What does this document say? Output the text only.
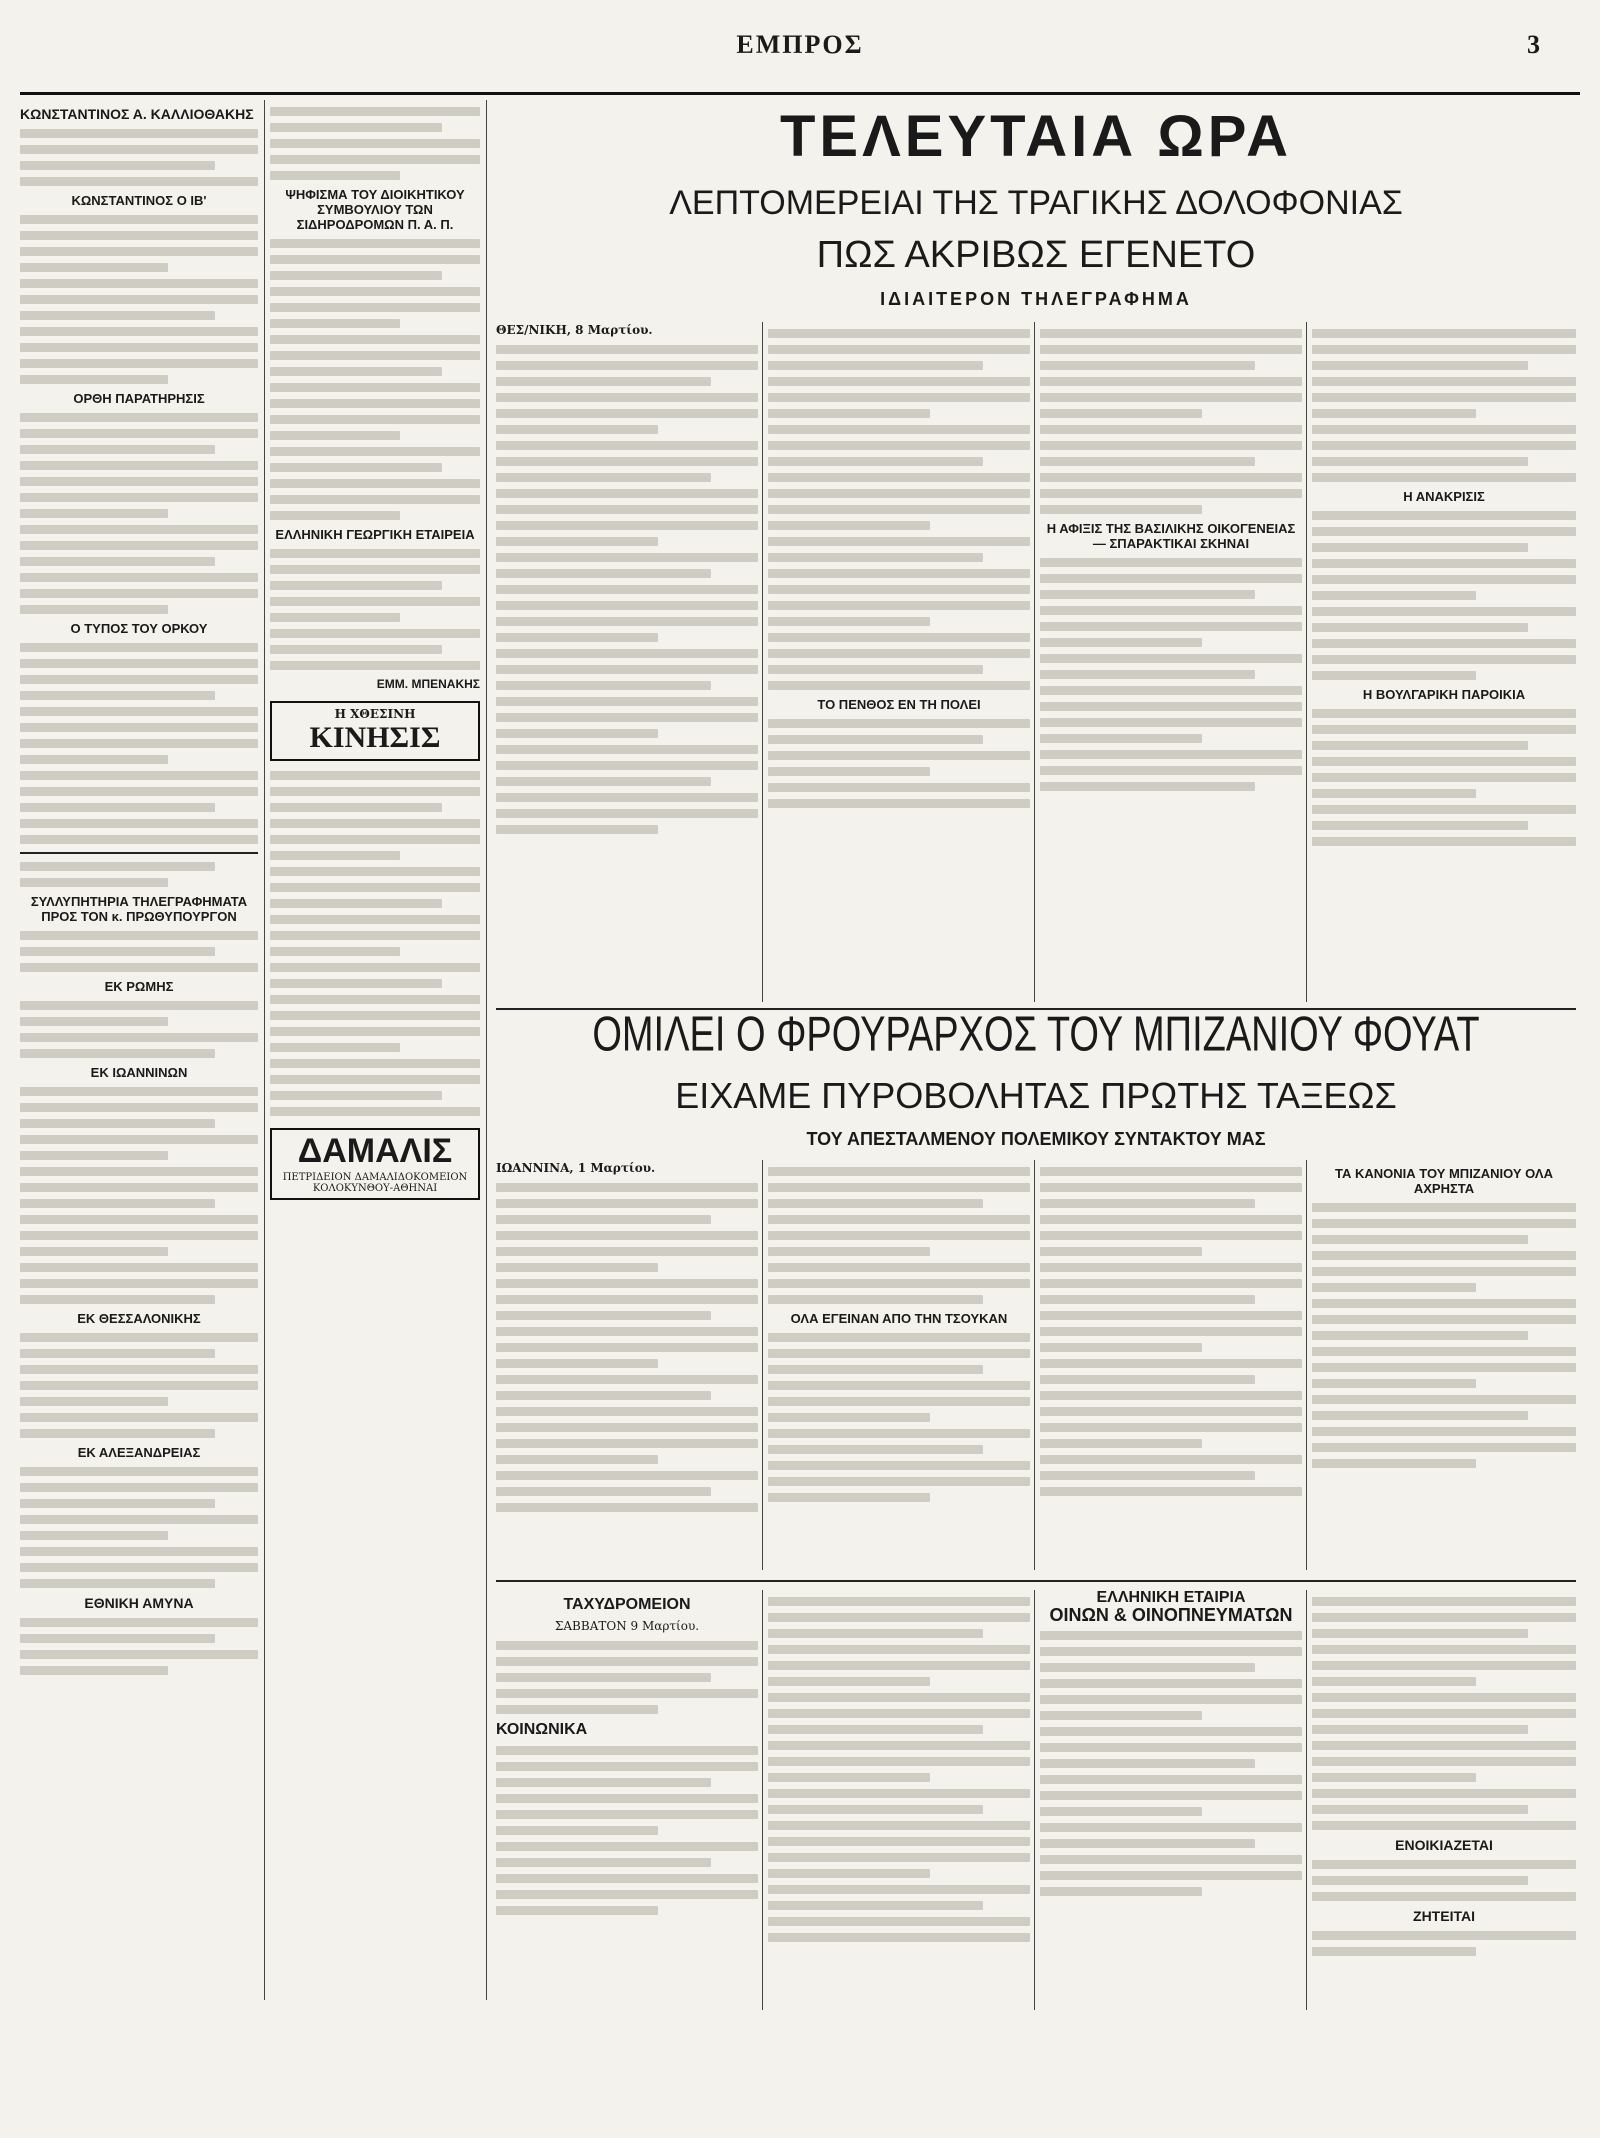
ΕΜΠΡΟΣ	3
ΚΩΝΣΤΑΝΤΙΝΟΣ Α. ΚΑΛΛΙΟΘΑΚΗΣ
ΚΩΝΣΤΑΝΤΙΝΟΣ Ο ΙΒ'
ΟΡΘΗ ΠΑΡΑΤΗΡΗΣΙΣ
Ο ΤΥΠΟΣ ΤΟΥ ΟΡΚΟΥ
ΣΥΛΛΥΠΗΤΗΡΙΑ ΤΗΛΕΓΡΑΦΗΜΑΤΑ ΠΡΟΣ ΤΟΝ κ. ΠΡΩΘΥΠΟΥΡΓΟΝ
ΕΚ ΡΩΜΗΣ
ΕΚ ΙΩΑΝΝΙΝΩΝ
ΕΚ ΘΕΣΣΑΛΟΝΙΚΗΣ
ΕΚ ΑΛΕΞΑΝΔΡΕΙΑΣ
ΕΘΝΙΚΗ ΑΜΥΝΑ
ΨΗΦΙΣΜΑ ΤΟΥ ΔΙΟΙΚΗΤΙΚΟΥ ΣΥΜΒΟΥΛΙΟΥ ΤΩΝ ΣΙΔΗΡΟΔΡΟΜΩΝ Π. Α. Π.
ΕΛΛΗΝΙΚΗ ΓΕΩΡΓΙΚΗ ΕΤΑΙΡΕΙΑ
ΕΜΜ. ΜΠΕΝΑΚΗΣ
Η ΧΘΕΣΙΝΗ
ΚΙΝΗΣΙΣ
ΔΑΜΑΛΙΣ
ΠΕΤΡΙΔΕΙΟΝ ΔΑΜΑΛΙΔΟΚΟΜΕΙΟΝ ΚΟΛΟΚΥΝΘΟΥ-ΑΘΗΝΑΙ
ΤΕΛΕΥΤΑΙΑ ΩΡΑ
ΛΕΠΤΟΜΕΡΕΙΑΙ ΤΗΣ ΤΡΑΓΙΚΗΣ ΔΟΛΟΦΟΝΙΑΣ
ΠΩΣ ΑΚΡΙΒΩΣ ΕΓΕΝΕΤΟ
ΙΔΙΑΙΤΕΡΟΝ ΤΗΛΕΓΡΑΦΗΜΑ
ΘΕΣ/ΝΙΚΗ, 8 Μαρτίου.
ΤΟ ΠΕΝΘΟΣ ΕΝ ΤΗ ΠΟΛΕΙ
Η ΑΦΙΞΙΣ ΤΗΣ ΒΑΣΙΛΙΚΗΣ ΟΙΚΟΓΕΝΕΙΑΣ — ΣΠΑΡΑΚΤΙΚΑΙ ΣΚΗΝΑΙ
Η ΑΝΑΚΡΙΣΙΣ
Η ΒΟΥΛΓΑΡΙΚΗ ΠΑΡΟΙΚΙΑ
ΟΜΙΛΕΙ Ο ΦΡΟΥΡΑΡΧΟΣ ΤΟΥ ΜΠΙΖΑΝΙΟΥ ΦΟΥΑΤ
ΕΙΧΑΜΕ ΠΥΡΟΒΟΛΗΤΑΣ ΠΡΩΤΗΣ ΤΑΞΕΩΣ
ΤΟΥ ΑΠΕΣΤΑΛΜΕΝΟΥ ΠΟΛΕΜΙΚΟΥ ΣΥΝΤΑΚΤΟΥ ΜΑΣ
ΙΩΑΝΝΙΝΑ, 1 Μαρτίου.
ΟΛΑ ΕΓΕΙΝΑΝ ΑΠΟ ΤΗΝ ΤΣΟΥΚΑΝ
ΤΑ ΚΑΝΟΝΙΑ ΤΟΥ ΜΠΙΖΑΝΙΟΥ ΟΛΑ ΑΧΡΗΣΤΑ
ΤΑΧΥΔΡΟΜΕΙΟΝ
ΣΑΒΒΑΤΟΝ 9 Μαρτίου.
ΚΟΙΝΩΝΙΚΑ
ΕΛΛΗΝΙΚΗ ΕΤΑΙΡΙΑ
ΟΙΝΩΝ & ΟΙΝΟΠΝΕΥΜΑΤΩΝ
ΕΝΟΙΚΙΑΖΕΤΑΙ
ΖΗΤΕΙΤΑΙ
